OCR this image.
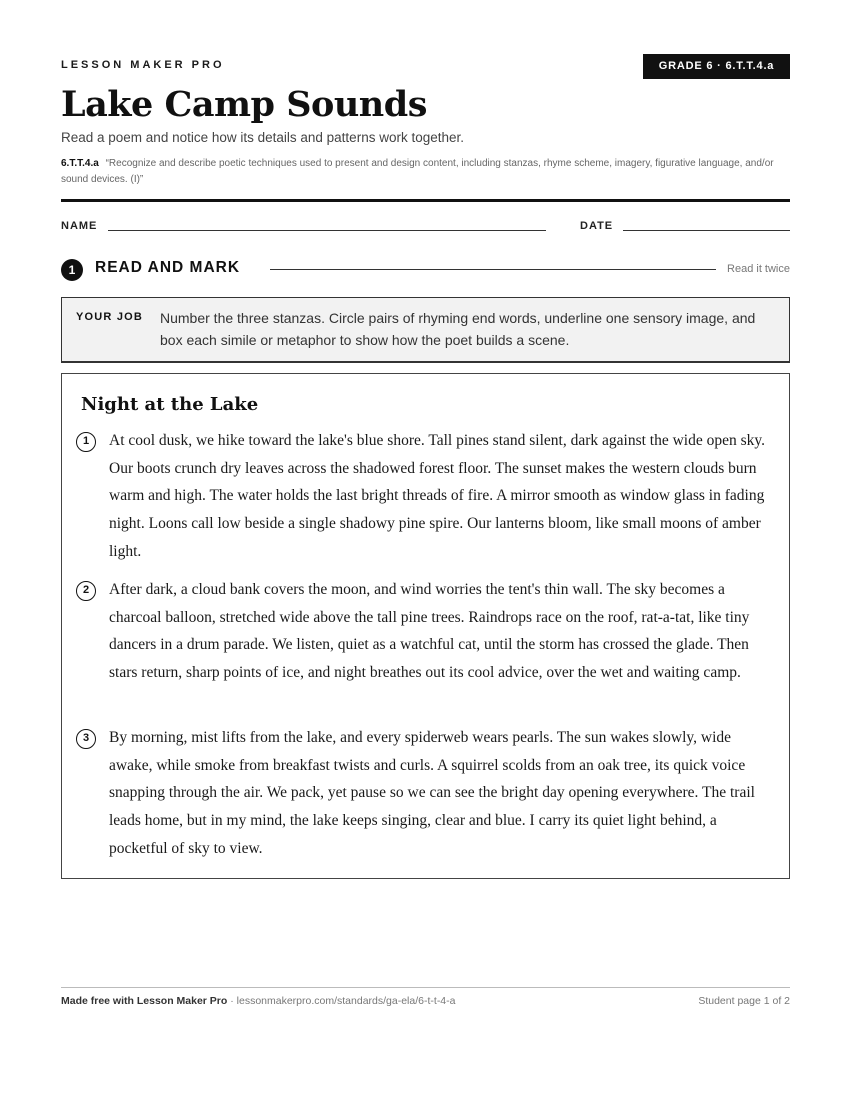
LESSON MAKER PRO	GRADE 6 · 6.T.T.4.a
Lake Camp Sounds
Read a poem and notice how its details and patterns work together.
6.T.T.4.a “Recognize and describe poetic techniques used to present and design content, including stanzas, rhyme scheme, imagery, figurative language, and/or sound devices. (I)”
NAME	DATE
1	READ AND MARK	Read it twice
YOUR JOB Number the three stanzas. Circle pairs of rhyming end words, underline one sensory image, and box each simile or metaphor to show how the poet builds a scene.
Night at the Lake
1	At cool dusk, we hike toward the lake's blue shore. Tall pines stand silent, dark against the wide open sky. Our boots crunch dry leaves across the shadowed forest floor. The sunset makes the western clouds burn warm and high. The water holds the last bright threads of fire. A mirror smooth as window glass in fading night. Loons call low beside a single shadowy pine spire. Our lanterns bloom, like small moons of amber light.
2	After dark, a cloud bank covers the moon, and wind worries the tent's thin wall. The sky becomes a charcoal balloon, stretched wide above the tall pine trees. Raindrops race on the roof, rat-a-tat, like tiny dancers in a drum parade. We listen, quiet as a watchful cat, until the storm has crossed the glade. Then stars return, sharp points of ice, and night breathes out its cool advice, over the wet and waiting camp.
3	By morning, mist lifts from the lake, and every spiderweb wears pearls. The sun wakes slowly, wide awake, while smoke from breakfast twists and curls. A squirrel scolds from an oak tree, its quick voice snapping through the air. We pack, yet pause so we can see the bright day opening everywhere. The trail leads home, but in my mind, the lake keeps singing, clear and blue. I carry its quiet light behind, a pocketful of sky to view.
Made free with Lesson Maker Pro · lessonmakerpro.com/standards/ga-ela/6-t-t-4-a	Student page 1 of 2
